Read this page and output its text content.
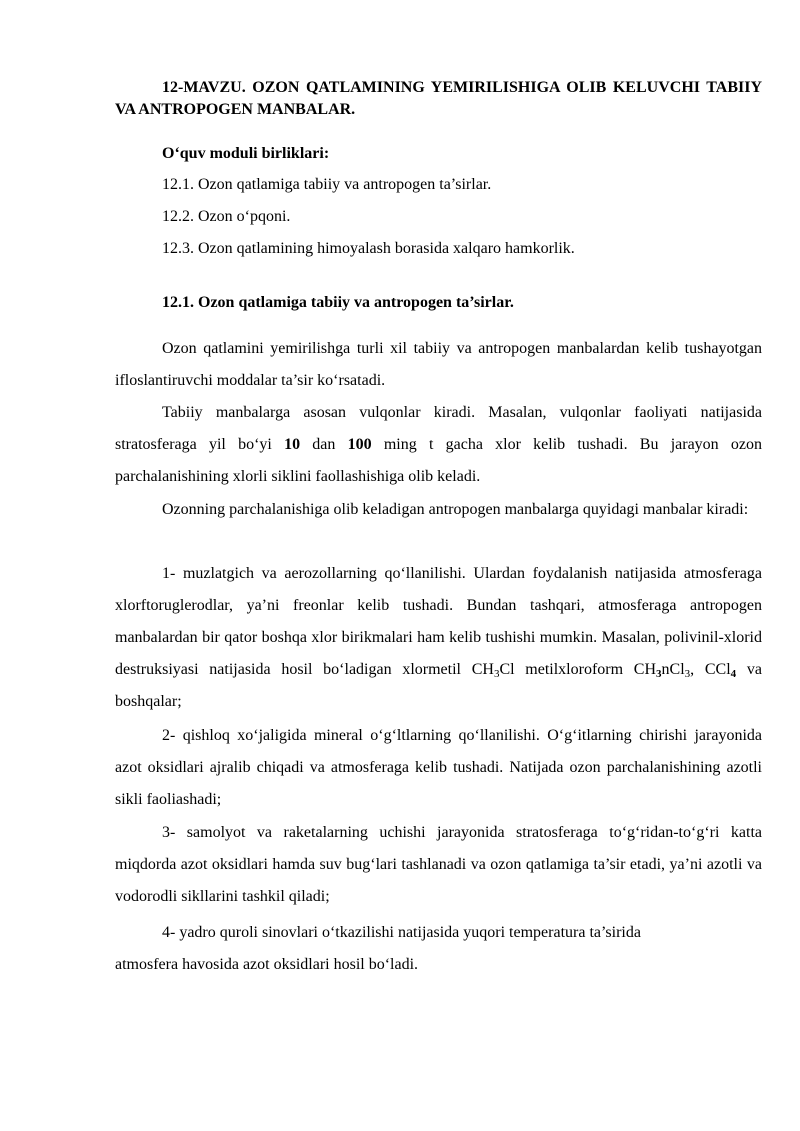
12-MAVZU. OZON QATLAMINING YEMIRILISHIGA OLIB KELUVCHI TABIIY VA ANTROPOGEN MANBALAR.

O‘quv moduli birliklari:

12.1. Ozon qatlamiga tabiiy va antropogen ta’sirlar.

12.2. Ozon o‘pqoni.

12.3. Ozon qatlamining himoyalash borasida xalqaro hamkorlik.

12.1. Ozon qatlamiga tabiiy va antropogen ta’sirlar.

Ozon qatlamini yemirilishga turli xil tabiiy va antropogen manbalardan kelib tushayotgan ifloslantiruvchi moddalar ta’sir ko‘rsatadi.

Tabiiy manbalarga asosan vulqonlar kiradi. Masalan, vulqonlar faoliyati natijasida stratosferaga yil bo‘yi 10 dan 100 ming t gacha xlor kelib tushadi. Bu jarayon ozon parchalanishining xlorli siklini faollashishiga olib keladi.

Ozonning parchalanishiga olib keladigan antropogen manbalarga quyidagi manbalar kiradi:

1- muzlatgich va aerozollarning qo‘llanilishi. Ulardan foydalanish natijasida atmosferaga xlorftoruglerodlar, ya’ni freonlar kelib tushadi. Bundan tashqari, atmosferaga antropogen manbalardan bir qator boshqa xlor birikmalari ham kelib tushishi mumkin. Masalan, polivinil-xlorid destruksiyasi natijasida hosil bo‘ladigan xlormetil $CH_3Cl$ metilxloroform $CH_3nCl_3$, CCl$_4$ va boshqalar;

2- qishloq xo‘jaligida mineral o‘g‘ltlarning qo‘llanilishi. O‘g‘itlarning chirishi jarayonida azot oksidlari ajralib chiqadi va atmosferaga kelib tushadi. Natijada ozon parchalanishining azotli sikli faoliashadi;

3- samolyot va raketalarning uchishi jarayonida stratosferaga to‘g‘ridan-to‘g‘ri katta miqdorda azot oksidlari hamda suv bug‘lari tashlanadi va ozon qatlamiga ta’sir etadi, ya’ni azotli va vodorodli sikllarini tashkil qiladi;

4- yadro quroli sinovlari o‘tkazilishi natijasida yuqori temperatura ta’sirida
atmosfera havosida azot oksidlari hosil bo‘ladi.
